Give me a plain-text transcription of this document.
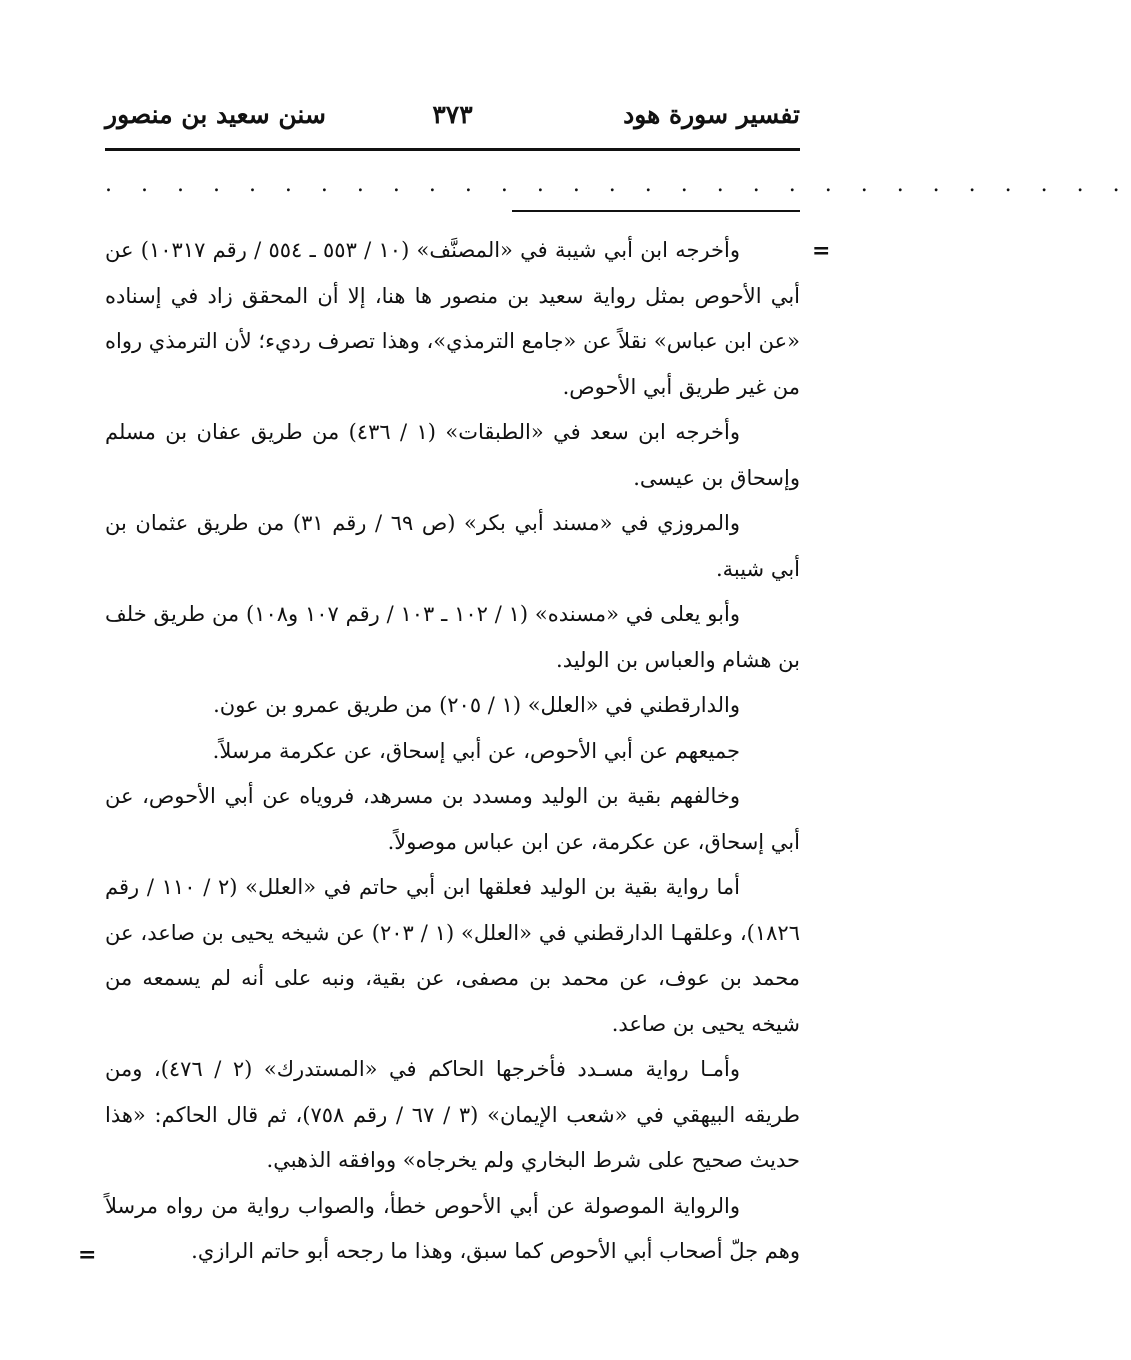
تفسير سورة هود
٣٧٣
سنن سعيد بن منصور
. . . . . . . . . . . . . . . . . . . . . . . . . . . . .
=

وأخرجه ابن أبي شيبة في «المصنَّف» (١٠ / ٥٥٣ ـ ٥٥٤ / رقم ١٠٣١٧) عن أبي الأحوص بمثل رواية سعيد بن منصور ها هنا، إلا أن المحقق زاد في إسناده «عن ابن عباس» نقلاً عن «جامع الترمذي»، وهذا تصرف رديء؛ لأن الترمذي رواه من غير طريق أبي الأحوص.

وأخرجه ابن سعد في «الطبقات» (١ / ٤٣٦) من طريق عفان بن مسلم وإسحاق بن عيسى.

والمروزي في «مسند أبي بكر» (ص ٦٩ / رقم ٣١) من طريق عثمان بن أبي شيبة.

وأبو يعلى في «مسنده» (١ / ١٠٢ ـ ١٠٣ / رقم ١٠٧ و١٠٨) من طريق خلف بن هشام والعباس بن الوليد.

والدارقطني في «العلل» (١ / ٢٠٥) من طريق عمرو بن عون.

جميعهم عن أبي الأحوص، عن أبي إسحاق، عن عكرمة مرسلاً.

وخالفهم بقية بن الوليد ومسدد بن مسرهد، فروياه عن أبي الأحوص، عن أبي إسحاق، عن عكرمة، عن ابن عباس موصولاً.

أما رواية بقية بن الوليد فعلقها ابن أبي حاتم في «العلل» (٢ / ١١٠ / رقم ١٨٢٦)، وعلقهـا الدارقطني في «العلل» (١ / ٢٠٣) عن شيخه يحيى بن صاعد، عن محمد بن عوف، عن محمد بن مصفى، عن بقية، ونبه على أنه لم يسمعه من شيخه يحيى بن صاعد.

وأمـا رواية مسـدد فأخرجها الحاكم في «المستدرك» (٢ / ٤٧٦)، ومن طريقه البيهقي في «شعب الإيمان» (٣ / ٦٧ / رقم ٧٥٨)، ثم قال الحاكم: «هذا حديث صحيح على شرط البخاري ولم يخرجاه» ووافقه الذهبي.

والرواية الموصولة عن أبي الأحوص خطأ، والصواب رواية من رواه مرسلاً وهم جلّ أصحاب أبي الأحوص كما سبق، وهذا ما رجحه أبو حاتم الرازي.

=
